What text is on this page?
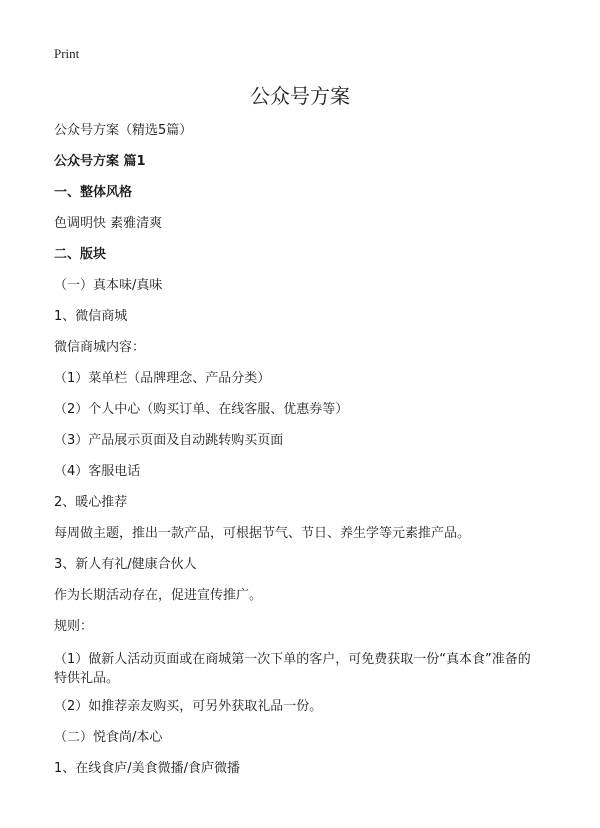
Print
公众号方案
公众号方案（精选5篇）
公众号方案 篇1
一、整体风格
色调明快 素雅清爽
二、版块
（一）真本味/真味
1、微信商城
微信商城内容：
（1）菜单栏（品牌理念、产品分类）
（2）个人中心（购买订单、在线客服、优惠券等）
（3）产品展示页面及自动跳转购买页面
（4）客服电话
2、暖心推荐
每周做主题，推出一款产品，可根据节气、节日、养生学等元素推产品。
3、新人有礼/健康合伙人
作为长期活动存在，促进宣传推广。
规则：
（1）做新人活动页面或在商城第一次下单的客户，可免费获取一份“真本食”准备的特供礼品。
（2）如推荐亲友购买，可另外获取礼品一份。
（二）悦食尚/本心
1、在线食庐/美食微播/食庐微播
